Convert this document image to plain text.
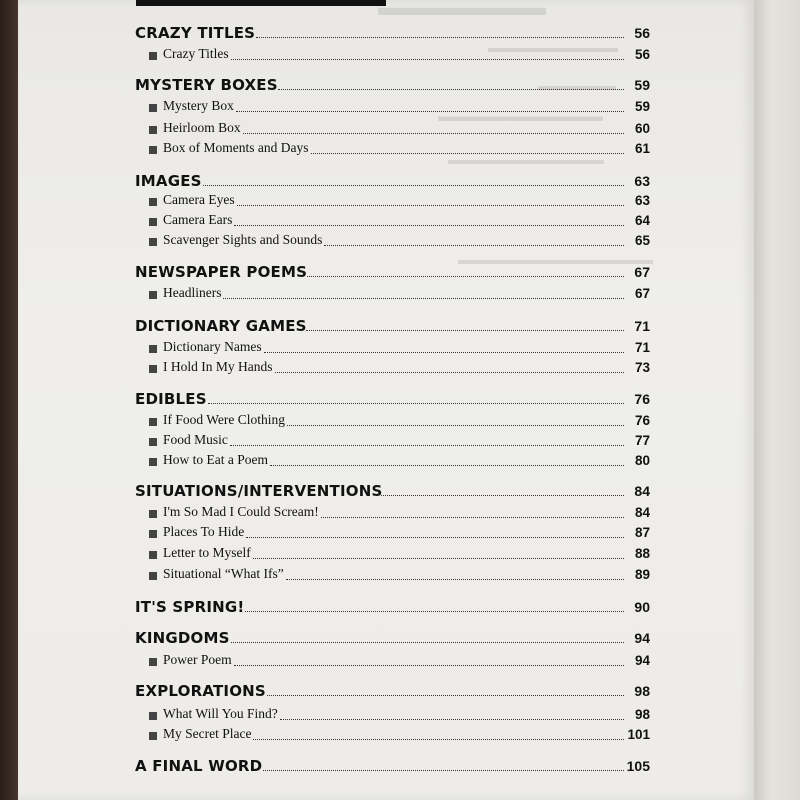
▬▬▬▬▬▬▬
▬▬▬▬▬▬▬▬▬▬
▬▬▬▬▬▬
▬▬▬▬▬▬▬▬▬▬▬
▬▬▬▬▬▬▬▬▬▬▬▬
▬▬▬▬▬▬▬▬▬▬▬▬▬▬▬
CRAZY TITLES	56
Crazy Titles	56
MYSTERY BOXES	59
Mystery Box	59
Heirloom Box	60
Box of Moments and Days	61
IMAGES	63
Camera Eyes	63
Camera Ears	64
Scavenger Sights and Sounds	65
NEWSPAPER POEMS	67
Headliners	67
DICTIONARY GAMES	71
Dictionary Names	71
I Hold In My Hands	73
EDIBLES	76
If Food Were Clothing	76
Food Music	77
How to Eat a Poem	80
SITUATIONS/INTERVENTIONS	84
I'm So Mad I Could Scream!	84
Places To Hide	87
Letter to Myself	88
Situational “What Ifs”	89
IT'S SPRING!	90
KINGDOMS	94
Power Poem	94
EXPLORATIONS	98
What Will You Find?	98
My Secret Place	101
A FINAL WORD	105
